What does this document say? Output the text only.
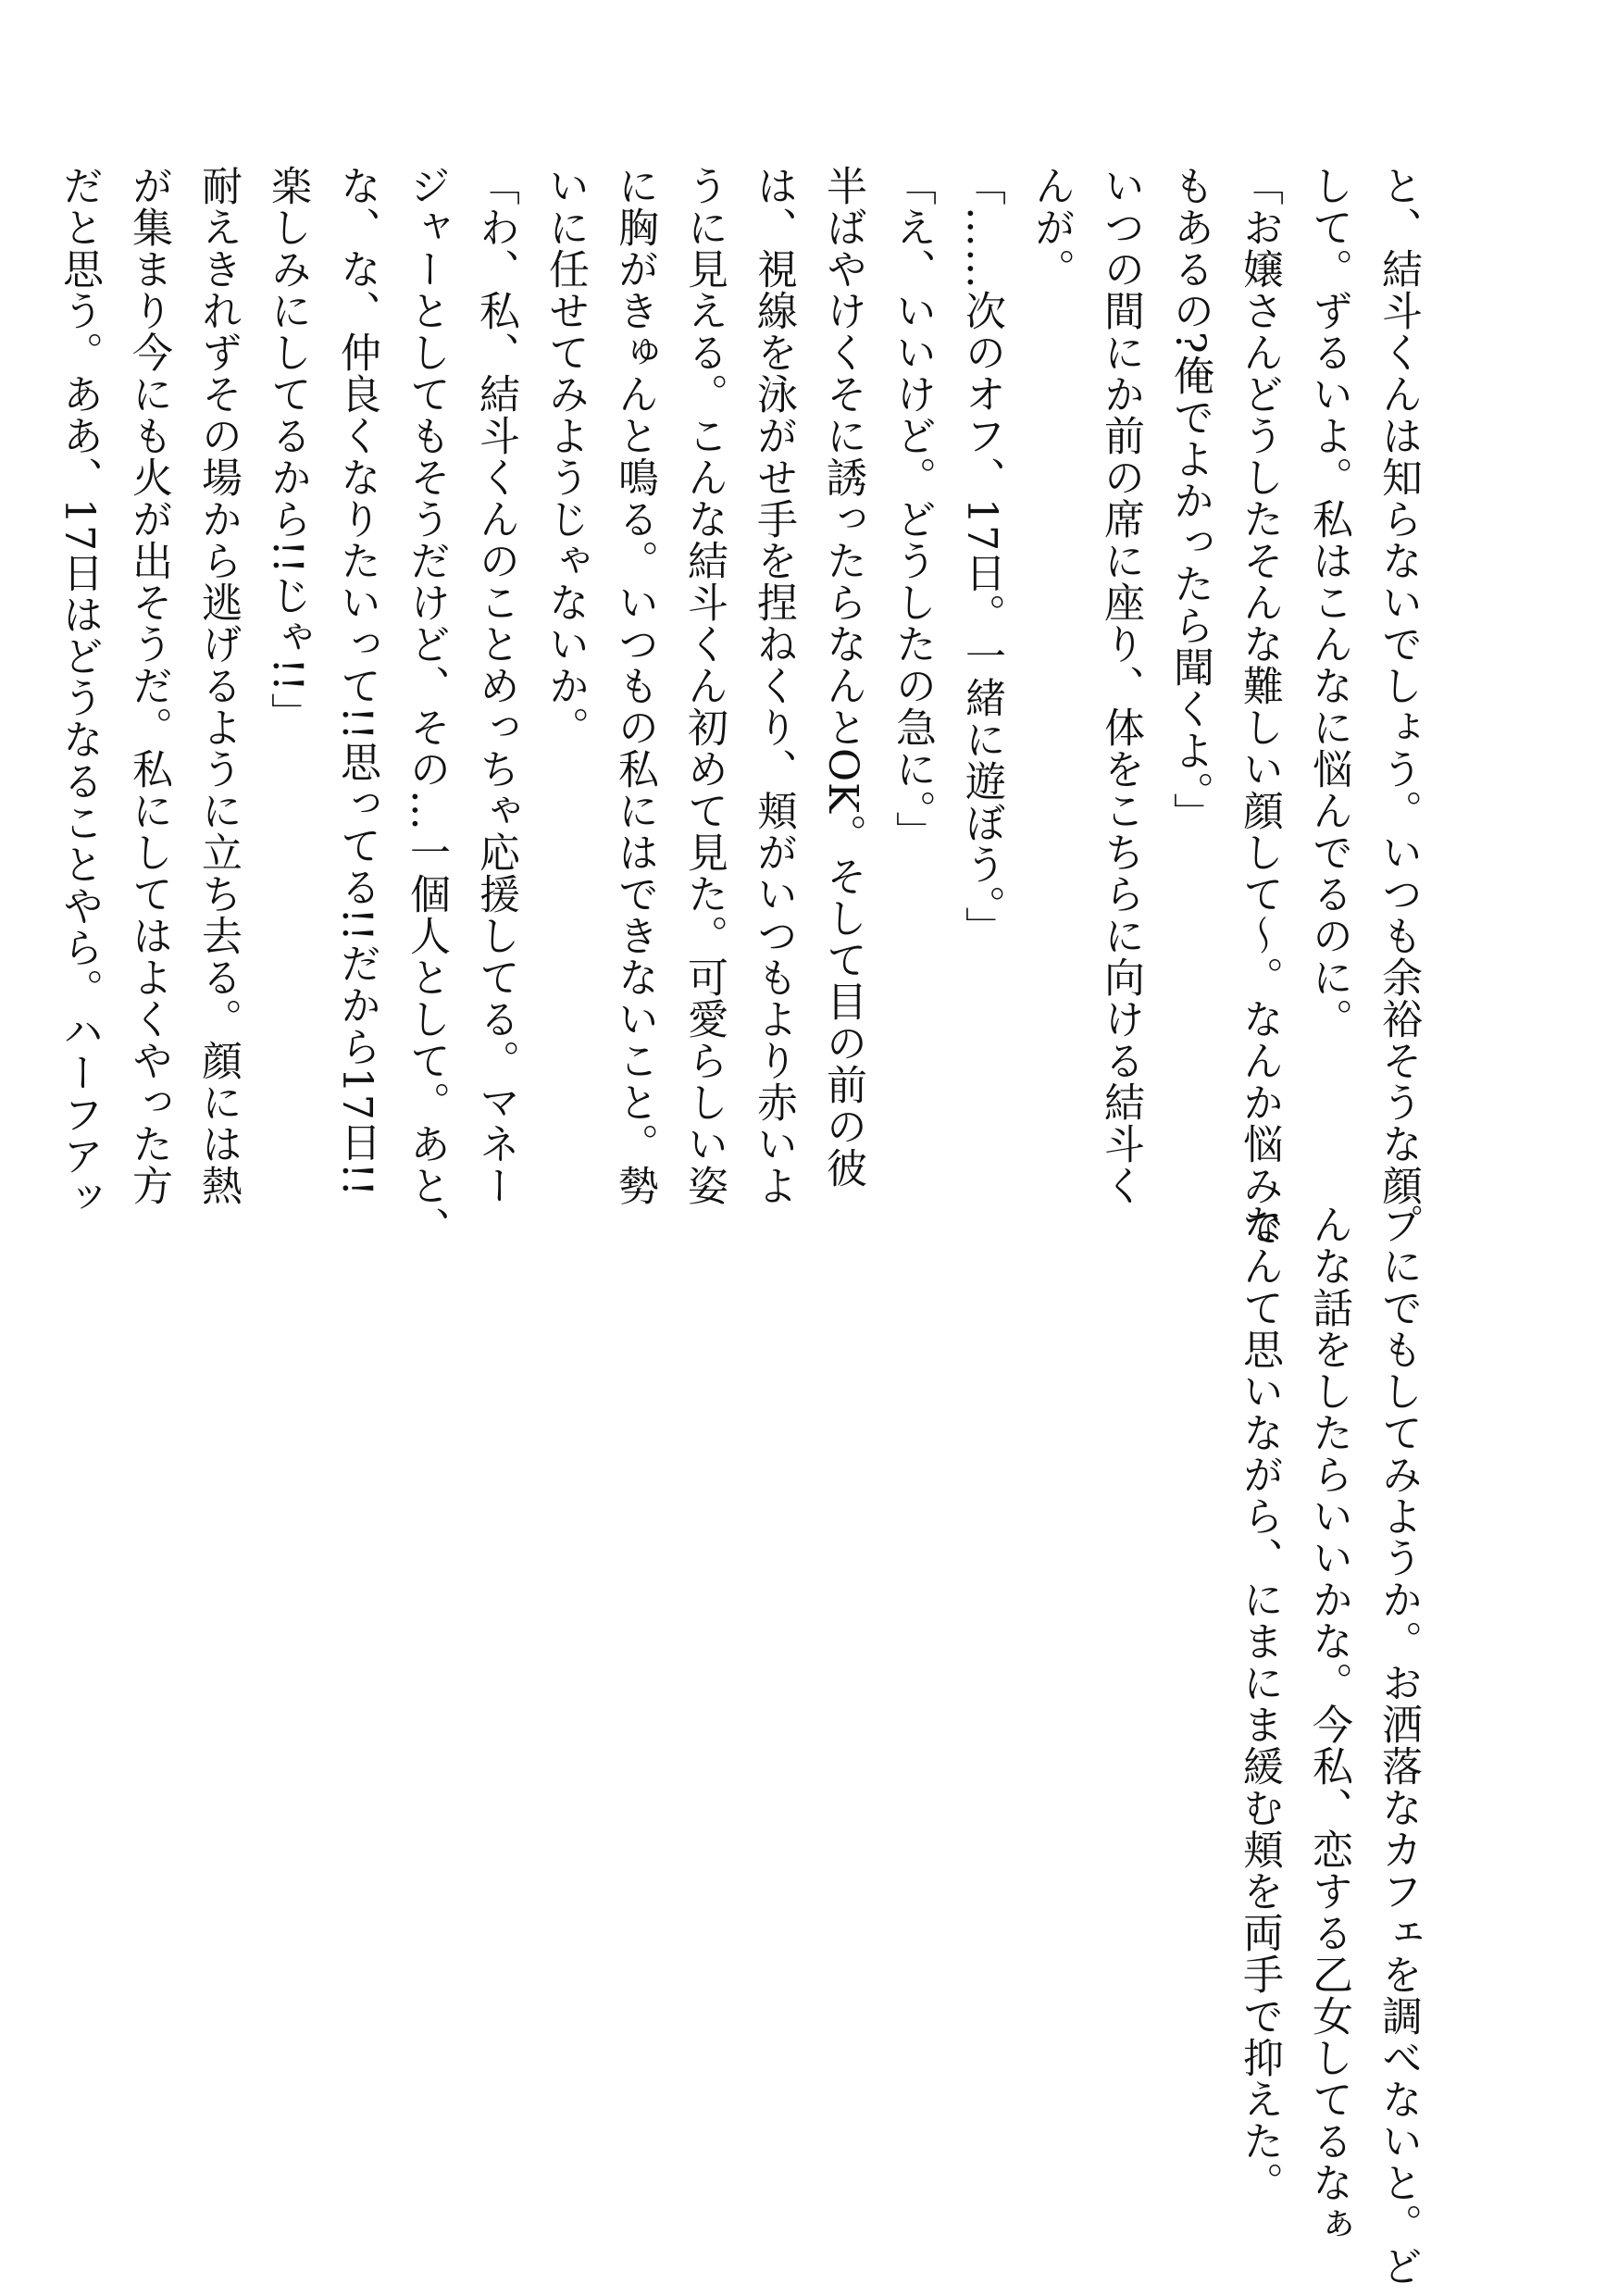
と、結斗くんは知らないでしょう。いつも余裕そうな顔
して。ずるいよ。私はこんなに悩んでるのに。
「お嬢さんどうしたそんな難しい顔して〜。なんか悩みで
もあるの?俺でよかったら聞くよ。」
いつの間にか前の席に座り、体をこちらに向ける結斗く
んが。
「……次のオフ、17日。一緒に遊ぼう。」
「え、いいけど。どうしたの急に。」
半ばやけくそに誘ったらなんとOK。そして目の前の彼
は、視線を泳がせ手を捏ねくり、頬がいつもより赤いよ
うに見える。こんな結斗くん初めて見た。可愛らしい姿
に胸がきゅんと鳴る。いつもの私にはできないこと。勢
いに任せてみようじゃないか。
「わ、私、結斗くんのことめっちゃ応援してる。マネー
ジャーとしてもそうだけど、その…一個人として。あと、
な、な、仲良くなりたいって!!思ってる!!だから17日!!
楽しみにしてるから!!じゃ!!」
耐えきれずその場から逃げるように立ち去る。顔には熱
が集まり今にも火が出そうだ。私にしてはよくやった方
だと思う。ああ、17日はどうなることやら。ハーフアッ
プにでもしてみようか。お洒落なカフェを調べないと。ど
んな話をしたらいいかな。今私、恋する乙女してるなぁ
なんて思いながら、にまにま緩む頬を両手で抑えた。
